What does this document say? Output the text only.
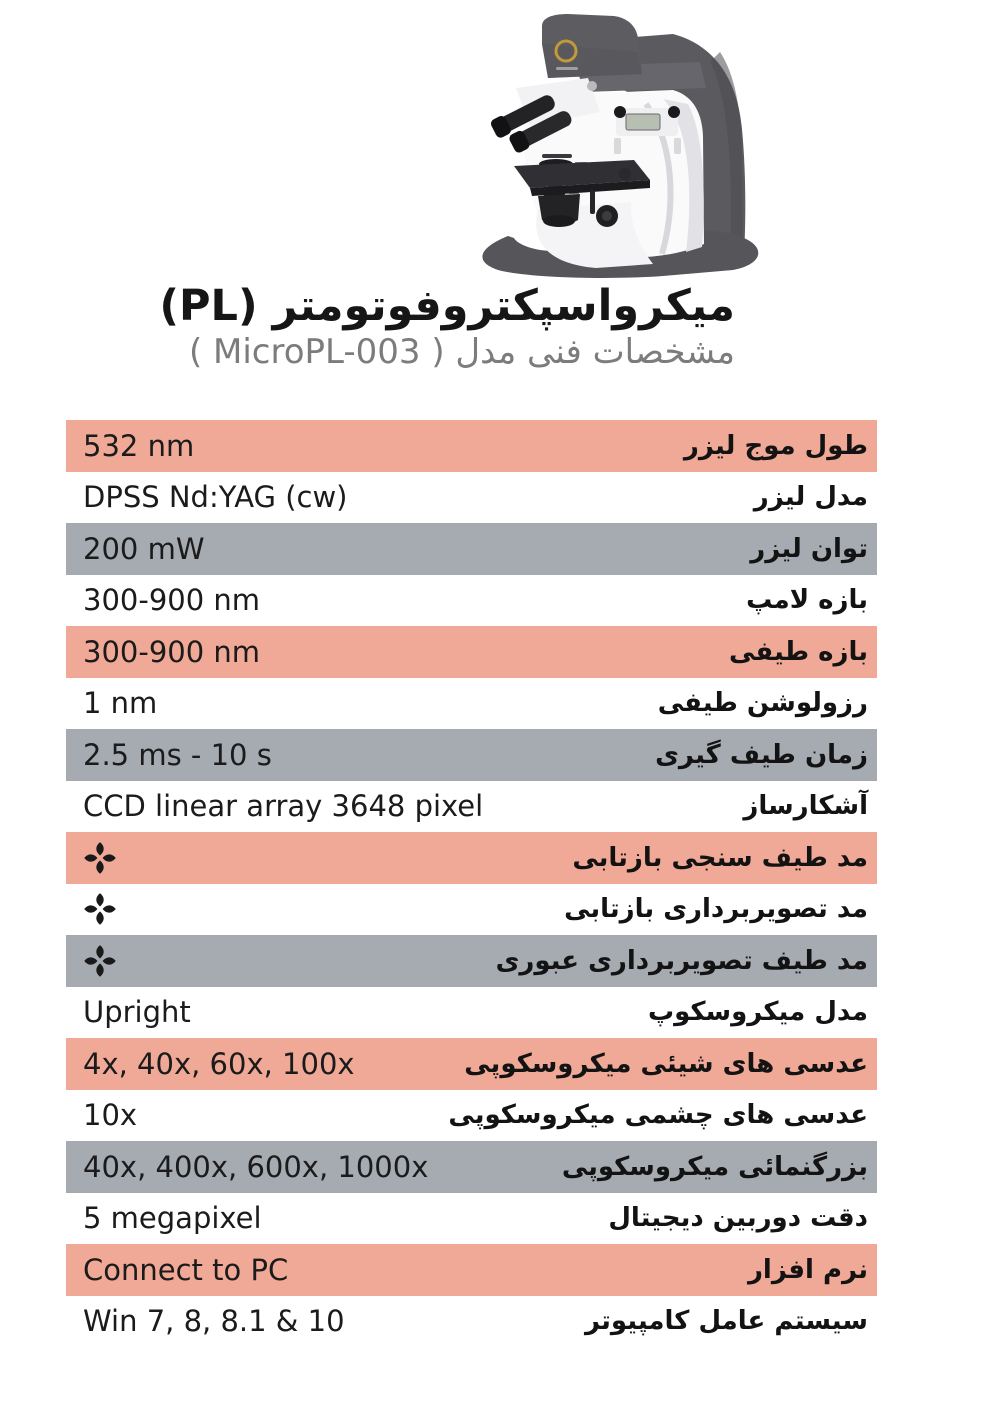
میکرواسپکتروفوتومتر (PL)
مشخصات فنی مدل ( MicroPL-003 )
532 nm	طول موج لیزر
DPSS Nd:YAG (cw)	مدل لیزر
200 mW	توان لیزر
300-900 nm	بازه لامپ
300-900 nm	بازه طیفی
1 nm	رزولوشن طیفی
2.5 ms - 10 s	زمان طیف گیری
CCD linear array 3648 pixel	آشکارساز
مد طیف سنجی بازتابی
مد تصویربرداری بازتابی
مد طیف تصویربرداری عبوری
Upright	مدل میکروسکوپ
4x, 40x, 60x, 100x	عدسی های شیئی میکروسکوپی
10x	عدسی های چشمی میکروسکوپی
40x, 400x, 600x, 1000x	بزرگنمائی میکروسکوپی
5 megapixel	دقت دوربین دیجیتال
Connect to PC	نرم افزار
Win 7, 8, 8.1 & 10	سیستم عامل کامپیوتر
